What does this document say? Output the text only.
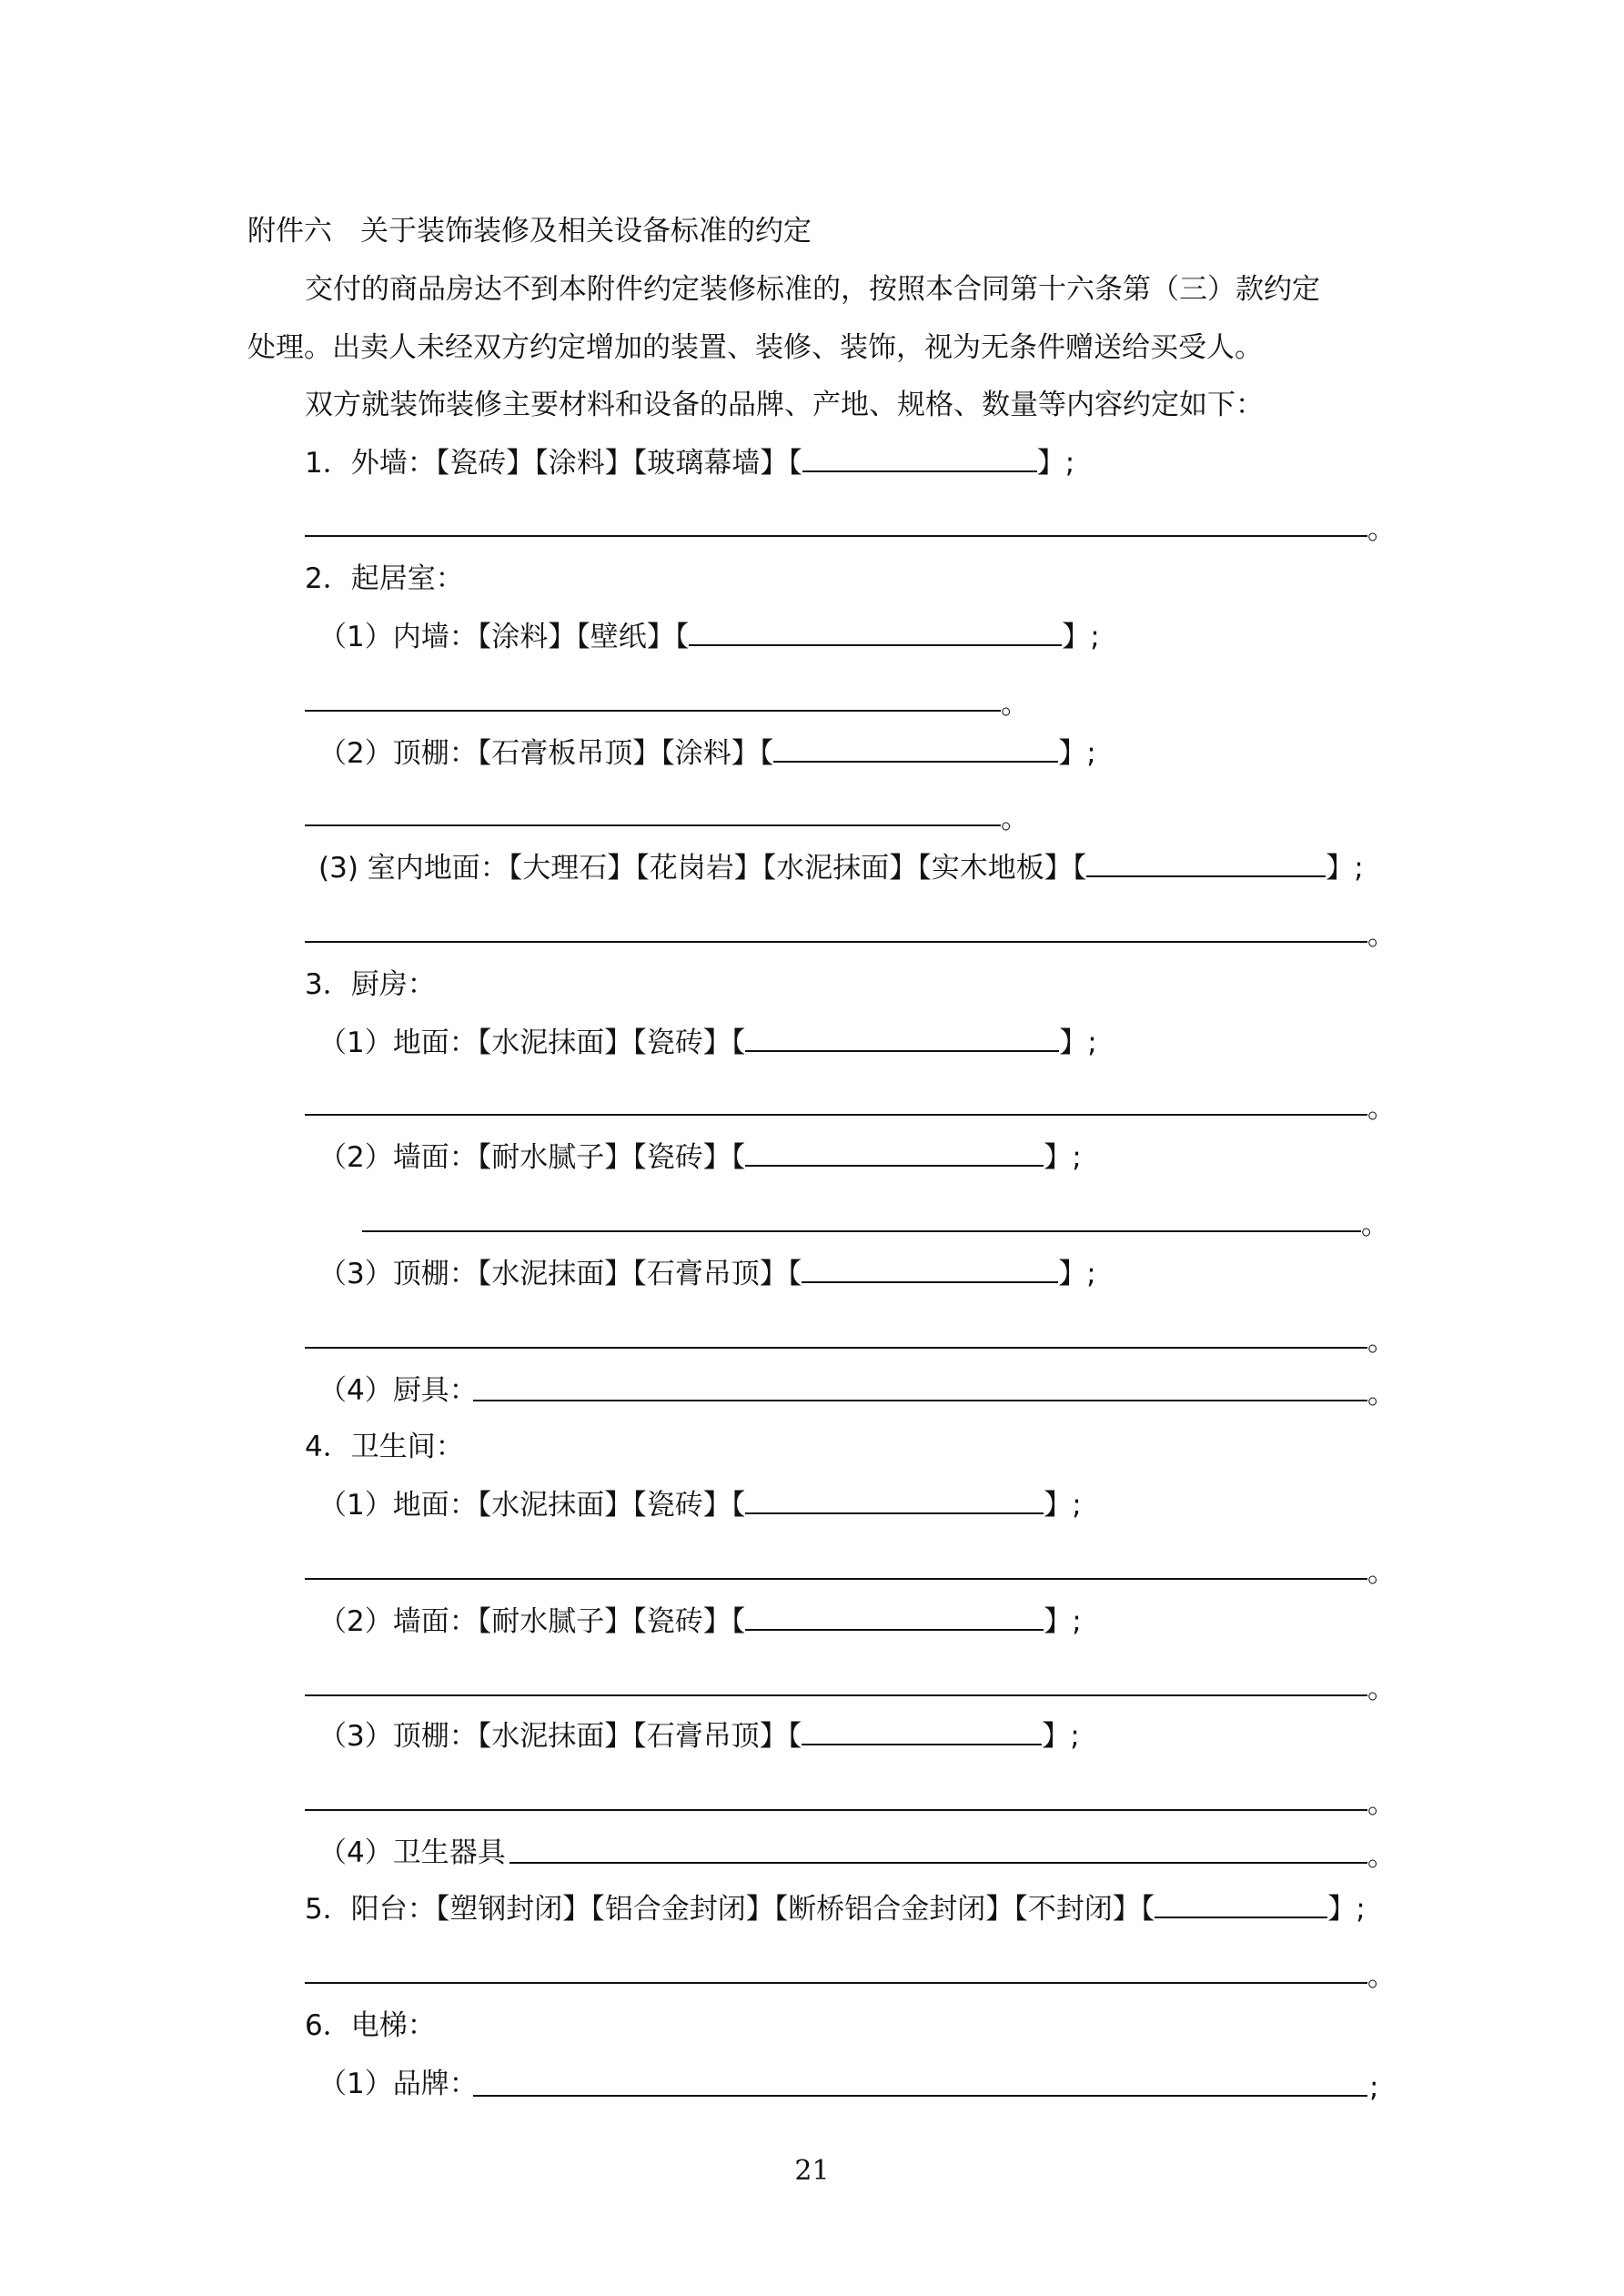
附件六　关于装饰装修及相关设备标准的约定
交付的商品房达不到本附件约定装修标准的，按照本合同第十六条第（三）款约定
处理。出卖人未经双方约定增加的装置、装修、装饰，视为无条件赠送给买受人。
双方就装饰装修主要材料和设备的品牌、产地、规格、数量等内容约定如下：
1．外墙：【瓷砖】【涂料】【玻璃幕墙】【	】;
。
2．起居室：
（1）内墙：【涂料】【壁纸】【	】;
。
（2）顶棚：【石膏板吊顶】【涂料】【	】;
。
(3) 室内地面：【大理石】【花岗岩】【水泥抹面】【实木地板】【	】;
。
3．厨房：
（1）地面：【水泥抹面】【瓷砖】【	】;
。
（2）墙面：【耐水腻子】【瓷砖】【	】;
。
（3）顶棚：【水泥抹面】【石膏吊顶】【	】;
。
（4）厨具：	。
4．卫生间：
（1）地面：【水泥抹面】【瓷砖】【	】;
。
（2）墙面：【耐水腻子】【瓷砖】【	】;
。
（3）顶棚：【水泥抹面】【石膏吊顶】【	】;
。
（4）卫生器具	。
5．阳台：【塑钢封闭】【铝合金封闭】【断桥铝合金封闭】【不封闭】【	】;
。
6．电梯：
（1）品牌：	;
21
